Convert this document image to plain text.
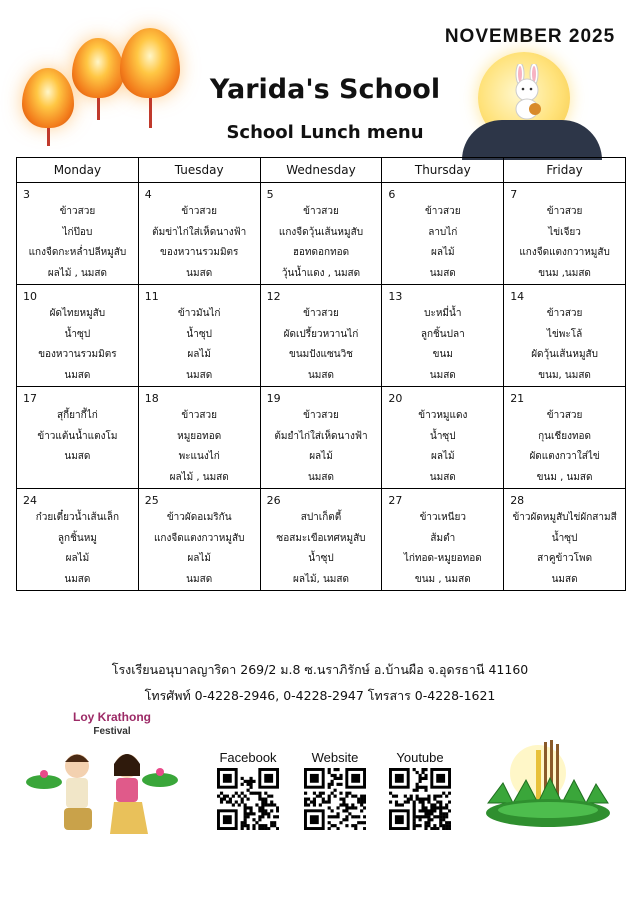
NOVEMBER 2025
Yarida's School
School Lunch menu
Monday	Tuesday	Wednesday	Thursday	Friday

3
ข้าวสวย
ไก่ป๊อบ
แกงจืดกะหล่ำปลีหมูสับ
ผลไม้ , นมสด	4
ข้าวสวย
ต้มข่าไก่ใส่เห็ดนางฟ้า
ของหวานรวมมิตร
นมสด	5
ข้าวสวย
แกงจืดวุ้นเส้นหมูสับ
ฮอทดอกทอด
วุ้นน้ำแดง , นมสด	6
ข้าวสวย
ลาบไก่
ผลไม้
นมสด	7
ข้าวสวย
ไข่เจียว
แกงจืดแตงกวาหมูสับ
ขนม ,นมสด

10
ผัดไทยหมูสับ
น้ำซุป
ของหวานรวมมิตร
นมสด	11
ข้าวมันไก่
น้ำซุป
ผลไม้
นมสด	12
ข้าวสวย
ผัดเปรี้ยวหวานไก่
ขนมปังแซนวิช
นมสด	13
บะหมี่น้ำ
ลูกชิ้นปลา
ขนม
นมสด	14
ข้าวสวย
ไข่พะโล้
ผัดวุ้นเส้นหมูสับ
ขนม, นมสด

17
สุกี้ยากี้ไก่
ข้าวแต้นน้ำแตงโม
นมสด	18
ข้าวสวย
หมูยอทอด
พะแนงไก่
ผลไม้ , นมสด	19
ข้าวสวย
ต้มยำไก่ใส่เห็ดนางฟ้า
ผลไม้
นมสด	20
ข้าวหมูแดง
น้ำซุป
ผลไม้
นมสด	21
ข้าวสวย
กุนเชียงทอด
ผัดแตงกวาใส่ไข่
ขนม , นมสด

24
ก๋วยเตี๋ยวน้ำเส้นเล็ก
ลูกชิ้นหมู
ผลไม้
นมสด	25
ข้าวผัดอเมริกัน
แกงจืดแตงกวาหมูสับ
ผลไม้
นมสด	26
สปาเก็ตตี้
ซอสมะเขือเทศหมูสับ
น้ำซุป
ผลไม้, นมสด	27
ข้าวเหนียว
ส้มตำ
ไก่ทอด-หมูยอทอด
ขนม , นมสด	28
ข้าวผัดหมูสับไข่ผักสามสี
น้ำซุป
สาคูข้าวโพด
นมสด
โรงเรียนอนุบาลญาริดา 269/2 ม.8 ซ.นราภิรักษ์ อ.บ้านผือ จ.อุดรธานี 41160
โทรศัพท์ 0-4228-2946, 0-4228-2947 โทรสาร 0-4228-1621
Loy Krathong
Festival
Facebook	Website	Youtube
